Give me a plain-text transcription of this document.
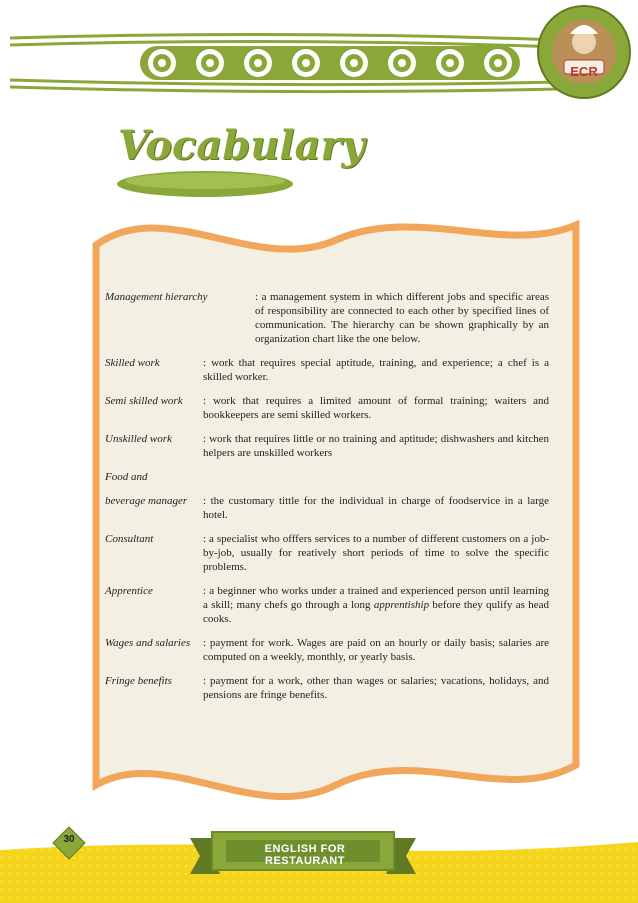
ECR
Vocabulary
Management hierarchy	: a management system in which different jobs and specific areas of responsibility are connected to each other by specified lines of communication. The hierarchy can be shown graphically by an organization chart like the one below.
Skilled work	: work that requires special aptitude, training, and experience; a chef is a skilled worker.
Semi skilled work	: work that requires a limited amount of formal training; waiters and bookkeepers are semi skilled workers.
Unskilled work	: work that requires little or no training and aptitude; dishwashers and kitchen helpers are unskilled workers
Food and
beverage manager	: the customary tittle for the individual in charge of foodservice in a large hotel.
Consultant	: a specialist who offfers services to a number of different customers on a job-by-job, usually for reatively short periods of time to solve the specific problems.
Apprentice	: a beginner who works under a trained and experienced person until learning a skill; many chefs go through a long apprentiship before they qulify as head cooks.
Wages and salaries	: payment for work. Wages are paid on an hourly or daily basis; salaries are computed on a weekly, monthly, or yearly basis.
Fringe benefits	: payment for a work, other than wages or salaries; vacations, holidays, and pensions are fringe benefits.
30
ENGLISH FOR RESTAURANT
